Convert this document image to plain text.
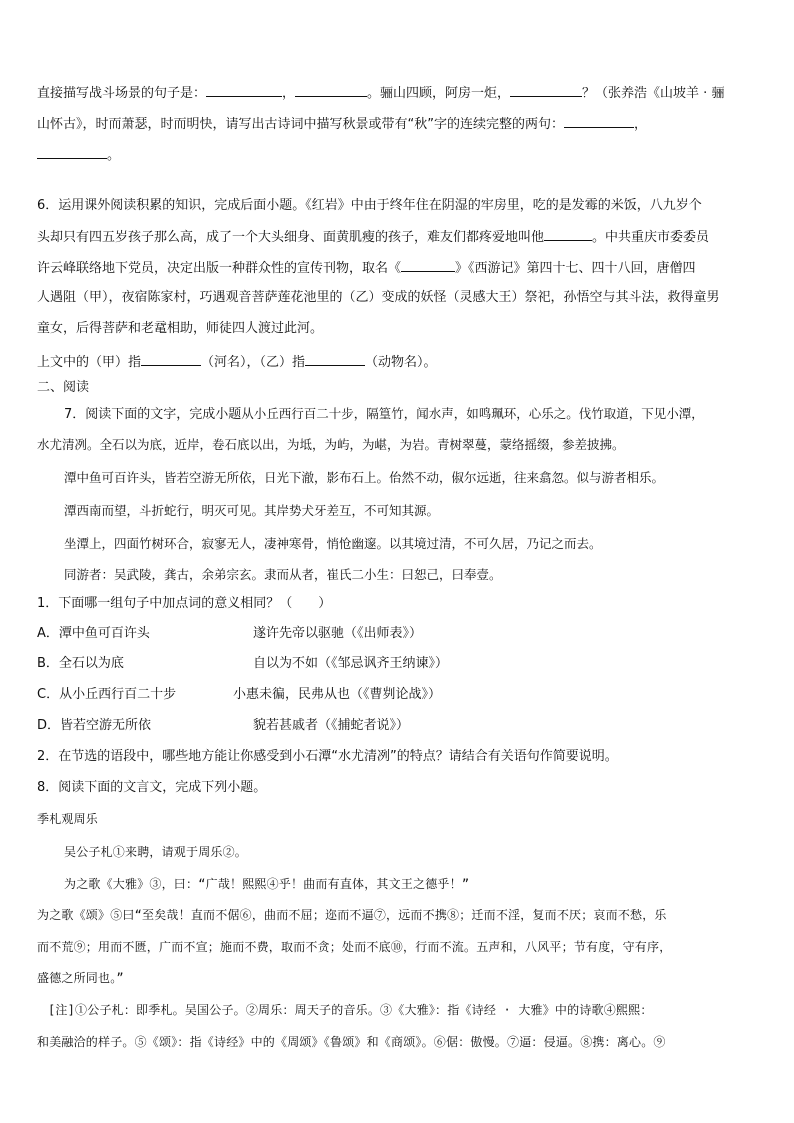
直接描写战斗场景的句子是：	，	。骊山四顾，阿房一炬，	？（张养浩《山坡羊 · 骊
山怀古》，时而萧瑟，时而明快，请写出古诗词中描写秋景或带有“秋”字的连续完整的两句：	，
。
6．运用课外阅读积累的知识，完成后面小题。《红岩》中由于终年住在阴湿的牢房里，吃的是发霉的米饭，八九岁个
头却只有四五岁孩子那么高，成了一个大头细身、面黄肌瘦的孩子，难友们都疼爱地叫他	。中共重庆市委委员
许云峰联络地下党员，决定出版一种群众性的宣传刊物，取名《	》《西游记》第四十七、四十八回，唐僧四
人遇阻（甲），夜宿陈家村，巧遇观音菩萨莲花池里的（乙）变成的妖怪（灵感大王）祭祀，孙悟空与其斗法，救得童男
童女，后得菩萨和老鼋相助，师徒四人渡过此河。
上文中的（甲）指	（河名），（乙）指	（动物名）。
二、阅读
7．阅读下面的文字，完成小题从小丘西行百二十步，隔篁竹，闻水声，如鸣珮环，心乐之。伐竹取道，下见小潭，
水尤清冽。全石以为底，近岸，卷石底以出，为坻，为屿，为嵁，为岩。青树翠蔓，蒙络摇缀，参差披拂。
潭中鱼可百许头，皆若空游无所依，日光下澈，影布石上。佁然不动，俶尔远逝，往来翕忽。似与游者相乐。
潭西南而望，斗折蛇行，明灭可见。其岸势犬牙差互，不可知其源。
坐潭上，四面竹树环合，寂寥无人，凄神寒骨，悄怆幽邃。以其境过清，不可久居，乃记之而去。
同游者：吴武陵，龚古，余弟宗玄。隶而从者，崔氏二小生：曰恕己，曰奉壹。
1．下面哪一组句子中加点词的意义相同？（　　）
A．潭中鱼可百许头	遂许先帝以驱驰（《出师表》）
B．全石以为底	自以为不如（《邹忌讽齐王纳谏》）
C．从小丘西行百二十步	小惠未徧，民弗从也（《曹刿论战》）
D．皆若空游无所依	貌若甚戚者（《捕蛇者说》）
2．在节选的语段中，哪些地方能让你感受到小石潭“水尤清冽”的特点？请结合有关语句作简要说明。
8．阅读下面的文言文，完成下列小题。
季札观周乐
吴公子札①来聘，请观于周乐②。
为之歌《大雅》③，曰：“广哉！熙熙④乎！曲而有直体，其文王之德乎！”
为之歌《颂》⑤曰“至矣哉！直而不倨⑥，曲而不屈；迩而不逼⑦，远而不携⑧；迁而不淫，复而不厌；哀而不愁，乐
而不荒⑨；用而不匮，广而不宣；施而不费，取而不贪；处而不底⑩，行而不流。五声和，八风平；节有度，守有序，
盛德之所同也。”
[注]①公子札：即季札。吴国公子。②周乐：周天子的音乐。③《大雅》：指《诗经 · 大雅》中的诗歌④熙熙：
和美融洽的样子。⑤《颂》：指《诗经》中的《周颂》《鲁颂》和《商颂》。⑥倨：傲慢。⑦逼：侵逼。⑧携：离心。⑨
